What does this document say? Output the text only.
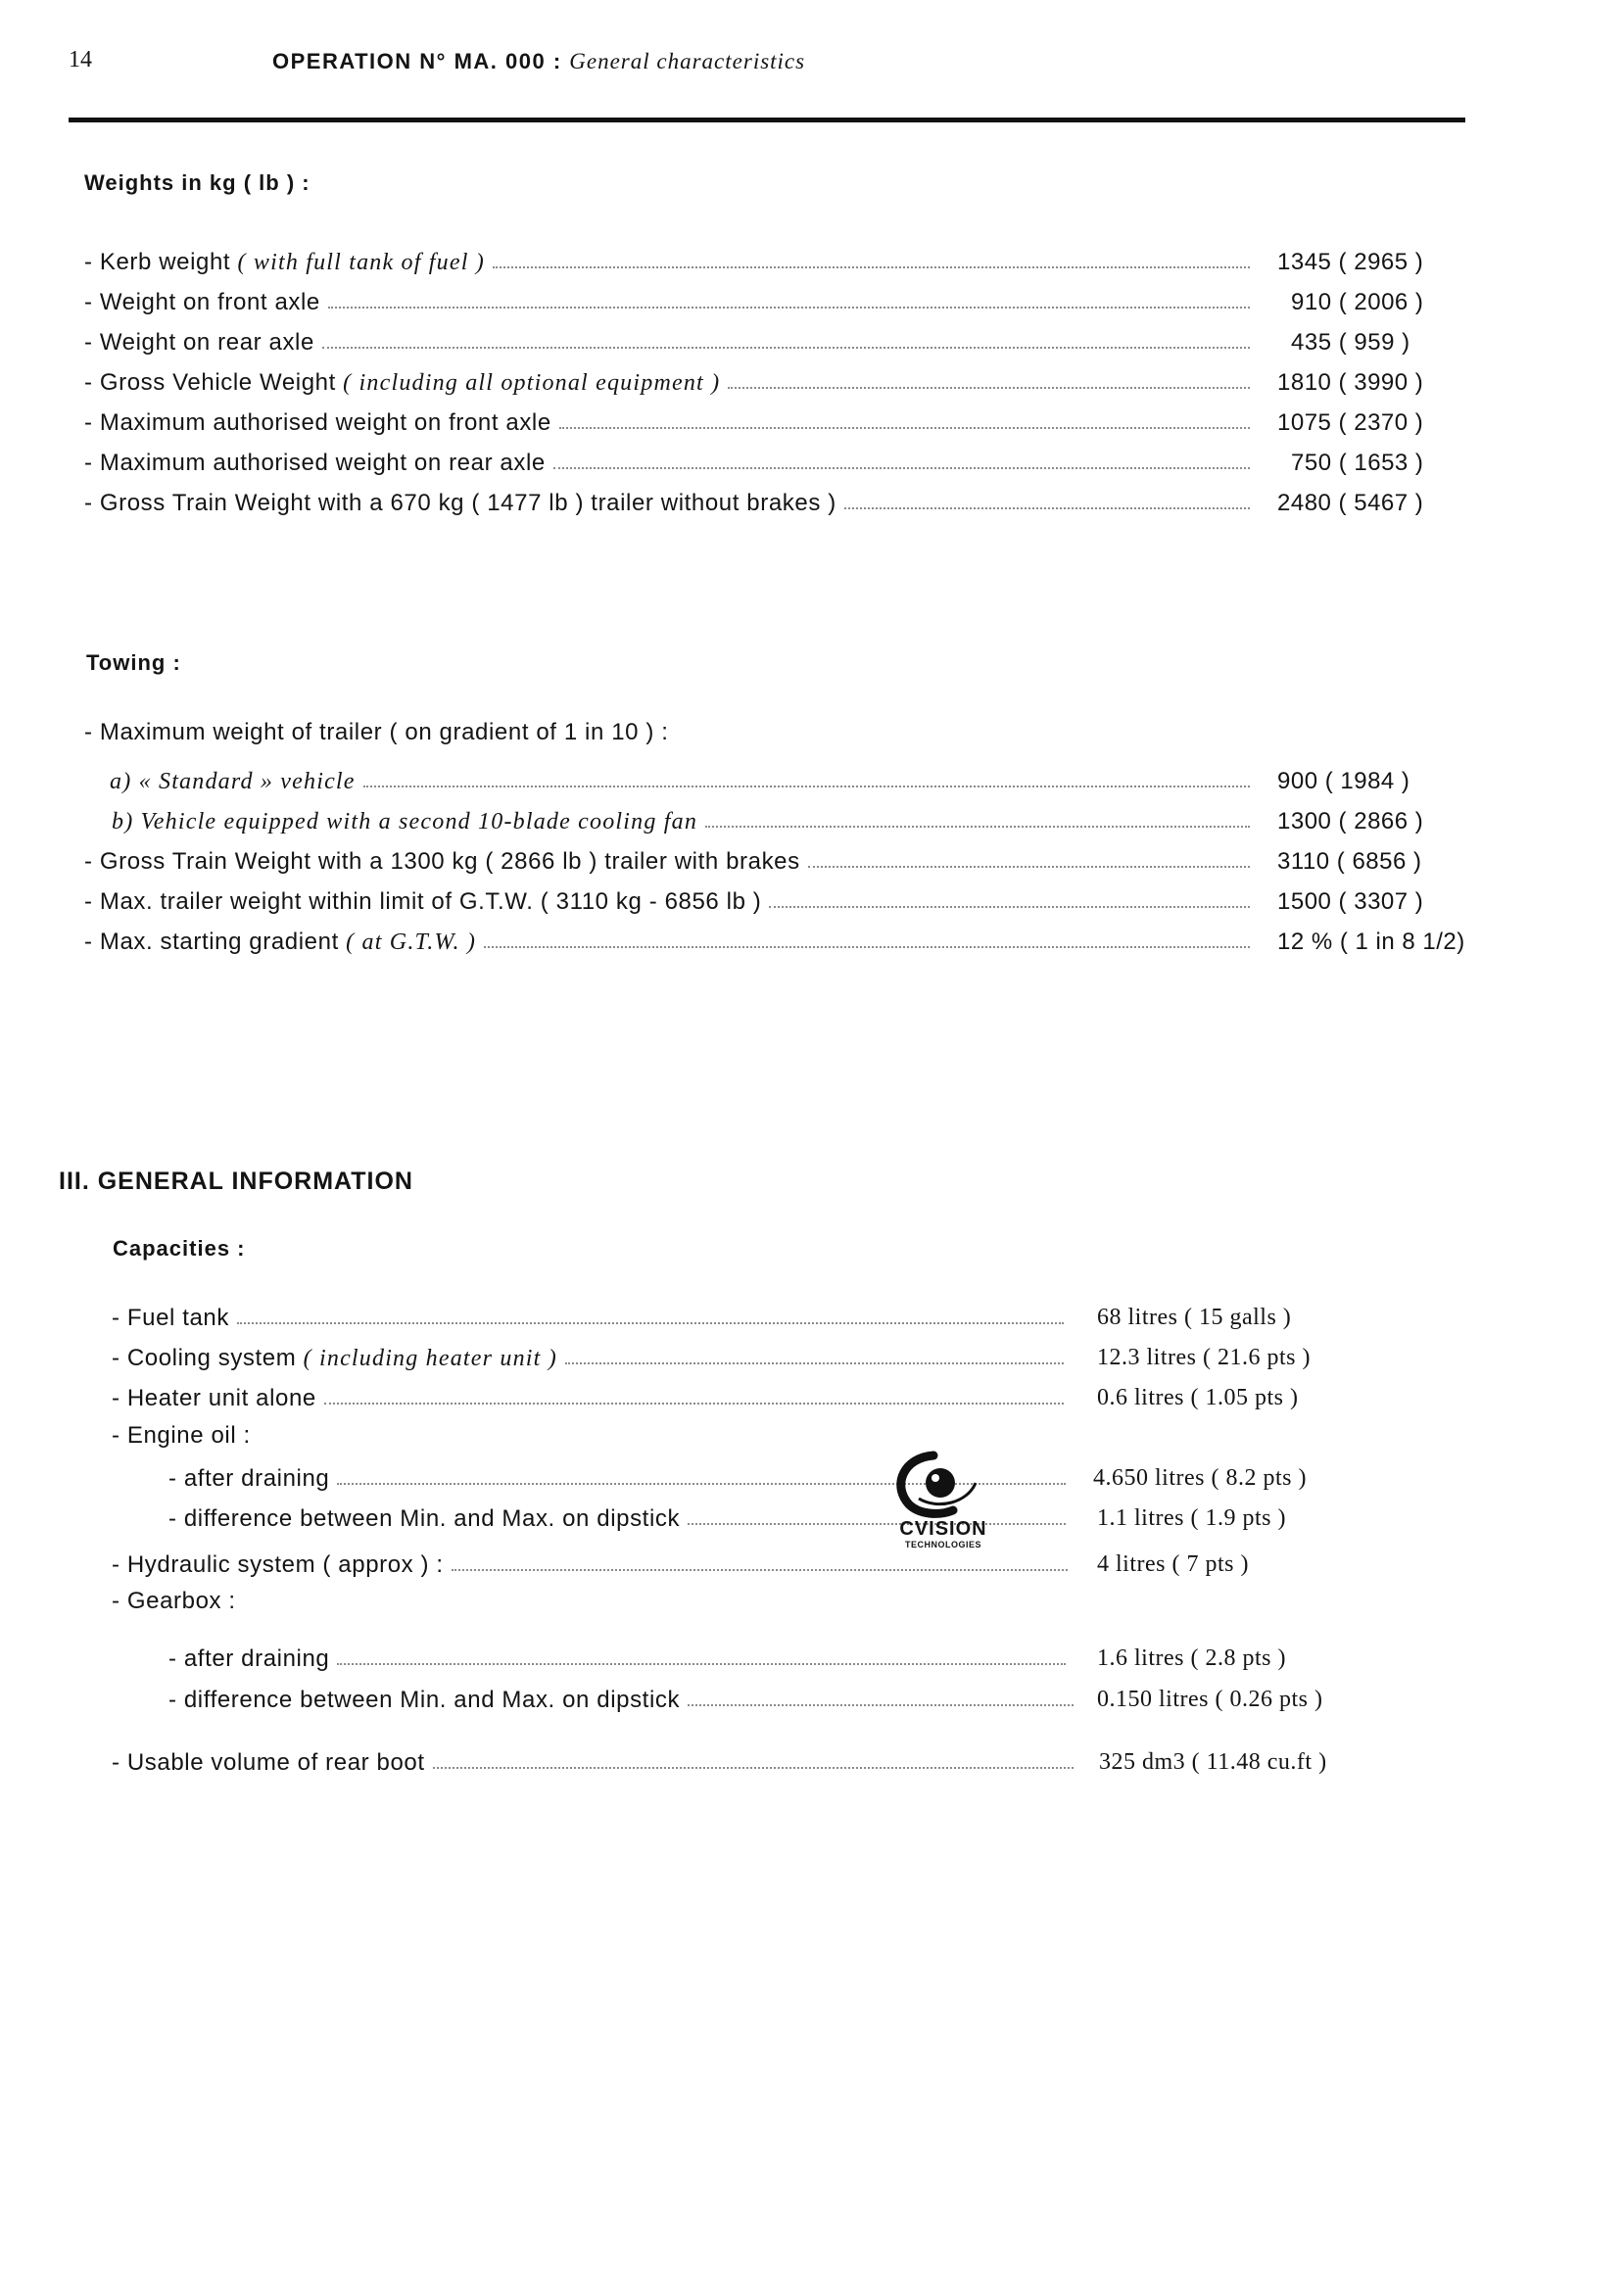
14	OPERATION N° MA. 000 : General characteristics
Weights in kg ( lb ) :
- Kerb weight ( with full tank of fuel )	1345 ( 2965 )
- Weight on front axle	910 ( 2006 )
- Weight on rear axle	435 ( 959 )
- Gross Vehicle Weight ( including all optional equipment )	1810 ( 3990 )
- Maximum authorised weight on front axle	1075 ( 2370 )
- Maximum authorised weight on rear axle	750 ( 1653 )
- Gross Train Weight with a 670 kg ( 1477 lb ) trailer without brakes )	2480 ( 5467 )
Towing :
- Maximum weight of trailer ( on gradient of 1 in 10 ) :
a) « Standard » vehicle	900 ( 1984 )
b) Vehicle equipped with a second 10-blade cooling fan	1300 ( 2866 )
- Gross Train Weight with a 1300 kg ( 2866 lb ) trailer with brakes	3110 ( 6856 )
- Max. trailer weight within limit of G.T.W. ( 3110 kg - 6856 lb )	1500 ( 3307 )
- Max. starting gradient ( at G.T.W. )	12 % ( 1 in 8 1/2)
III. GENERAL INFORMATION
Capacities :
- Fuel tank	68 litres ( 15 galls )
- Cooling system ( including heater unit )	12.3 litres ( 21.6 pts )
- Heater unit alone	0.6 litres ( 1.05 pts )
- Engine oil :
- after draining	4.650 litres ( 8.2 pts )
- difference between Min. and Max. on dipstick	1.1 litres ( 1.9 pts )
- Hydraulic system ( approx ) :	4 litres ( 7 pts )
- Gearbox :
- after draining	1.6 litres ( 2.8 pts )
- difference between Min. and Max. on dipstick	0.150 litres ( 0.26 pts )
- Usable volume of rear boot	325 dm3 ( 11.48 cu.ft )
CVISION
TECHNOLOGIES
